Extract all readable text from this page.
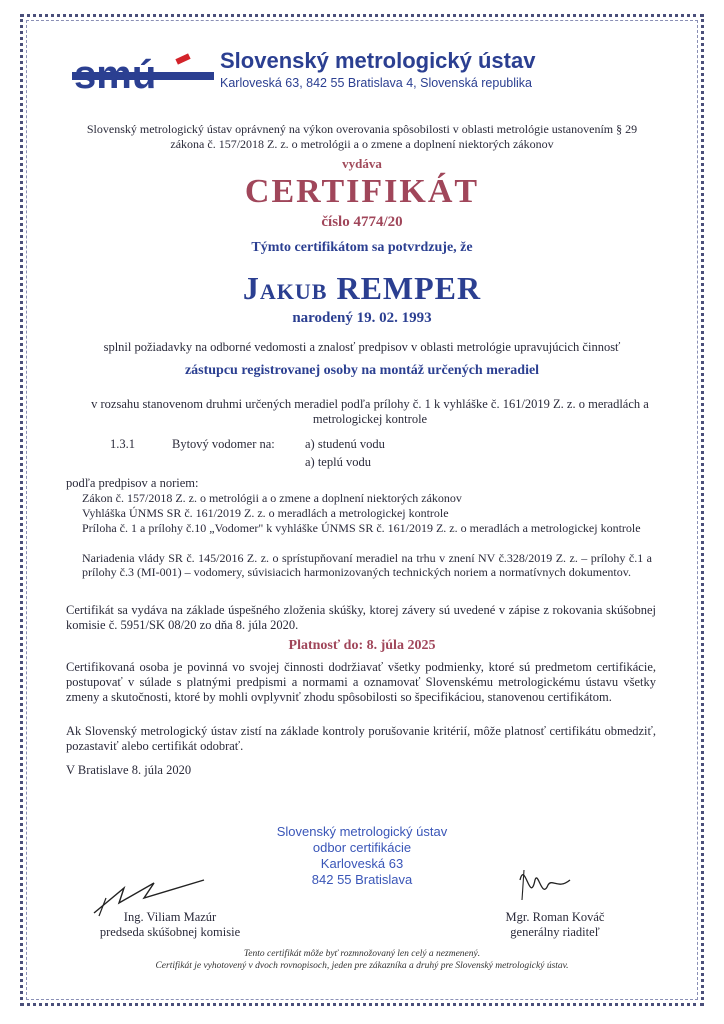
smú	Slovenský metrologický ústav
Karloveská 63, 842 55 Bratislava 4, Slovenská republika
Slovenský metrologický ústav oprávnený na výkon overovania spôsobilosti v oblasti metrológie ustanovením § 29 zákona č. 157/2018 Z. z. o metrológii a o zmene a doplnení niektorých zákonov
vydáva
CERTIFIKÁT
číslo 4774/20
Týmto certifikátom sa potvrdzuje, že
Jakub REMPER
narodený 19. 02. 1993
splnil požiadavky na odborné vedomosti a znalosť predpisov v oblasti metrológie upravujúcich činnosť
zástupcu registrovanej osoby na montáž určených meradiel
v rozsahu stanovenom druhmi určených meradiel podľa prílohy č. 1 k vyhláške č. 161/2019 Z. z. o meradlách a metrologickej kontrole
1.3.1	Bytový vodomer na: a) studenú vodu
a) teplú vodu
podľa predpisov a noriem:
Zákon č. 157/2018 Z. z. o metrológii a o zmene a doplnení niektorých zákonov
Vyhláška ÚNMS SR č. 161/2019 Z. z. o meradlách a metrologickej kontrole
Príloha č. 1 a prílohy č.10 „Vodomer" k vyhláške ÚNMS SR č. 161/2019 Z. z. o meradlách a metrologickej kontrole
Nariadenia vlády SR č. 145/2016 Z. z. o sprístupňovaní meradiel na trhu v znení NV č.328/2019 Z. z. – prílohy č.1 a prílohy č.3 (MI-001) – vodomery, súvisiacich harmonizovaných technických noriem a normatívnych dokumentov.
Certifikát sa vydáva na základe úspešného zloženia skúšky, ktorej závery sú uvedené v zápise z rokovania skúšobnej komisie č. 5951/SK 08/20 zo dňa 8. júla 2020.
Platnosť do: 8. júla 2025
Certifikovaná osoba je povinná vo svojej činnosti dodržiavať všetky podmienky, ktoré sú predmetom certifikácie, postupovať v súlade s platnými predpismi a normami a oznamovať Slovenskému metrologickému ústavu všetky zmeny a skutočnosti, ktoré by mohli ovplyvniť zhodu spôsobilosti so špecifikáciou, stanovenou certifikátom.
Ak Slovenský metrologický ústav zistí na základe kontroly porušovanie kritérií, môže platnosť certifikátu obmedziť, pozastaviť alebo certifikát odobrať.
V Bratislave 8. júla 2020
Slovenský metrologický ústav
odbor certifikácie
Karloveská 63
842 55 Bratislava
Ing. Viliam Mazúr
predseda skúšobnej komisie
Mgr. Roman Kováč
generálny riaditeľ
Tento certifikát môže byť rozmnožovaný len celý a nezmenený.
Certifikát je vyhotovený v dvoch rovnopisoch, jeden pre zákazníka a druhý pre Slovenský metrologický ústav.
